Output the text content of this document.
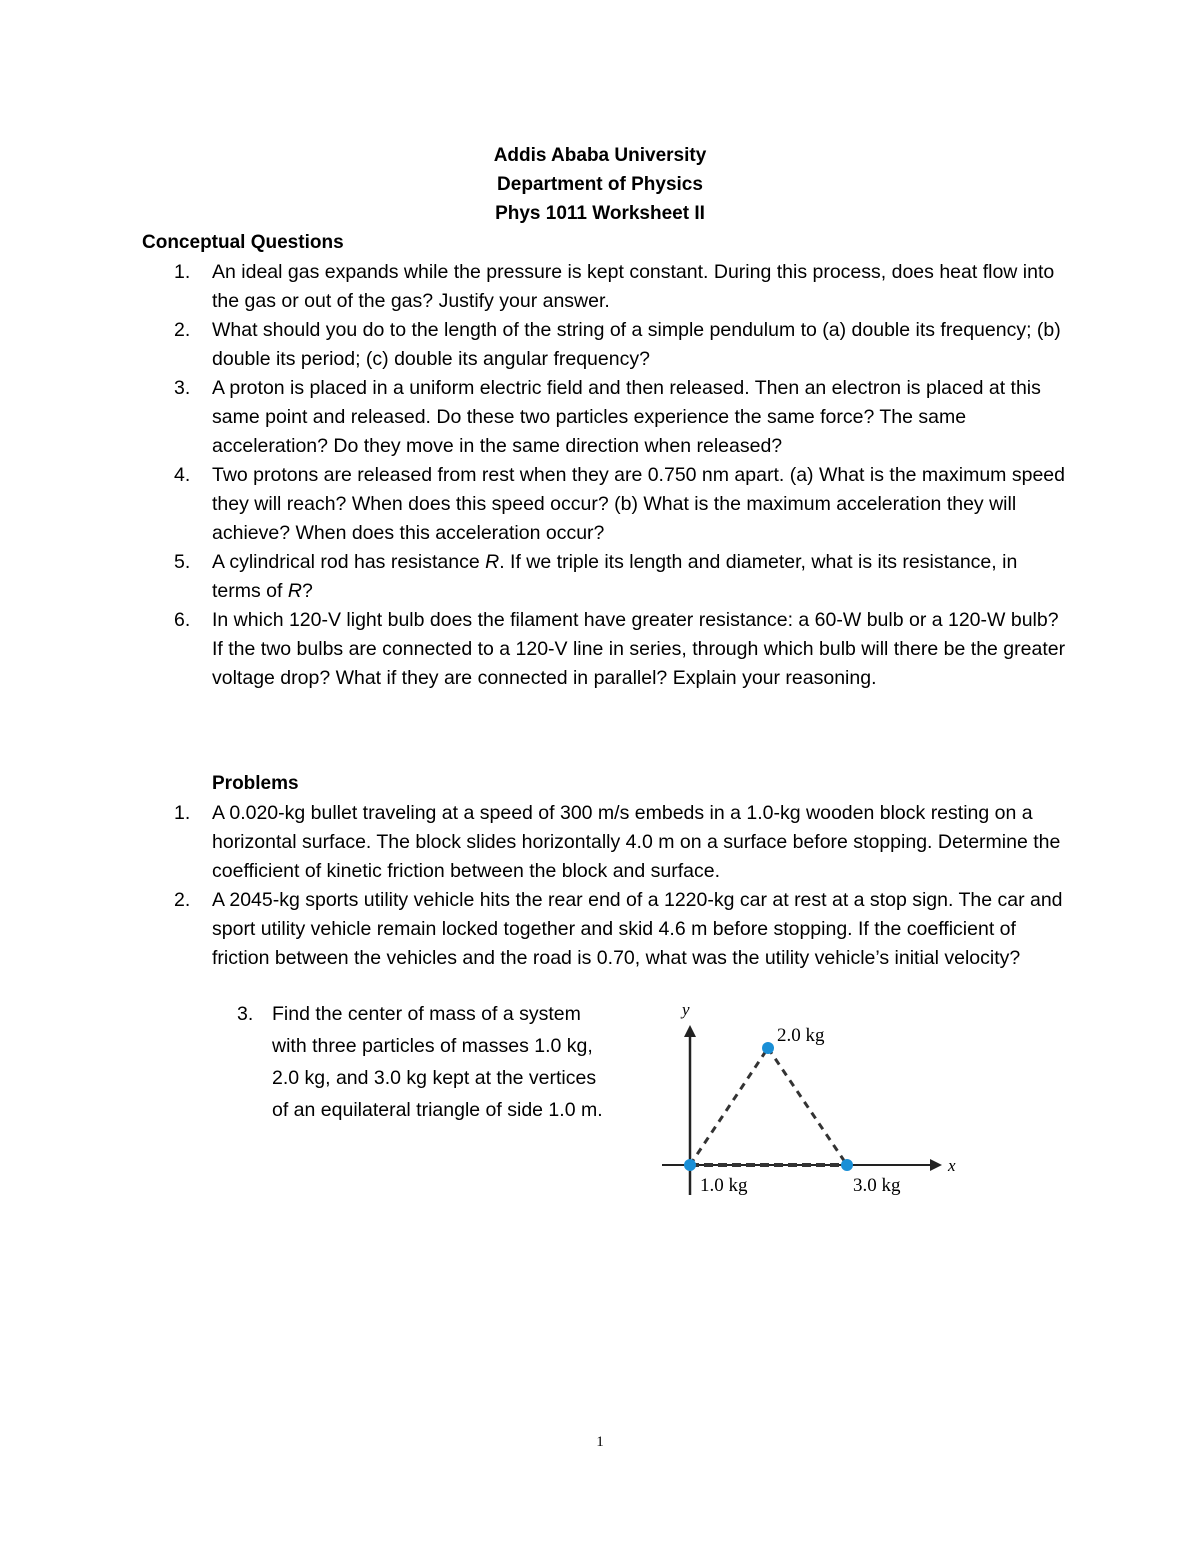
Addis Ababa University
Department of Physics
Phys 1011 Worksheet II
Conceptual Questions
1. An ideal gas expands while the pressure is kept constant. During this process, does heat flow into the gas or out of the gas? Justify your answer.
2. What should you do to the length of the string of a simple pendulum to (a) double its frequency; (b) double its period; (c) double its angular frequency?
3. A proton is placed in a uniform electric field and then released. Then an electron is placed at this same point and released. Do these two particles experience the same force? The same acceleration? Do they move in the same direction when released?
4. Two protons are released from rest when they are 0.750 nm apart. (a) What is the maximum speed they will reach? When does this speed occur? (b) What is the maximum acceleration they will achieve? When does this acceleration occur?
5. A cylindrical rod has resistance R. If we triple its length and diameter, what is its resistance, in terms of R?
6. In which 120-V light bulb does the filament have greater resistance: a 60-W bulb or a 120-W bulb? If the two bulbs are connected to a 120-V line in series, through which bulb will there be the greater voltage drop? What if they are connected in parallel? Explain your reasoning.
Problems
1. A 0.020-kg bullet traveling at a speed of 300 m/s embeds in a 1.0-kg wooden block resting on a horizontal surface. The block slides horizontally 4.0 m on a surface before stopping. Determine the coefficient of kinetic friction between the block and surface.
2. A 2045-kg sports utility vehicle hits the rear end of a 1220-kg car at rest at a stop sign. The car and sport utility vehicle remain locked together and skid 4.6 m before stopping. If the coefficient of friction between the vehicles and the road is 0.70, what was the utility vehicle’s initial velocity?
3. Find the center of mass of a system with three particles of masses 1.0 kg, 2.0 kg, and 3.0 kg kept at the vertices of an equilateral triangle of side 1.0 m.
y
x
2.0 kg
1.0 kg	3.0 kg
1
